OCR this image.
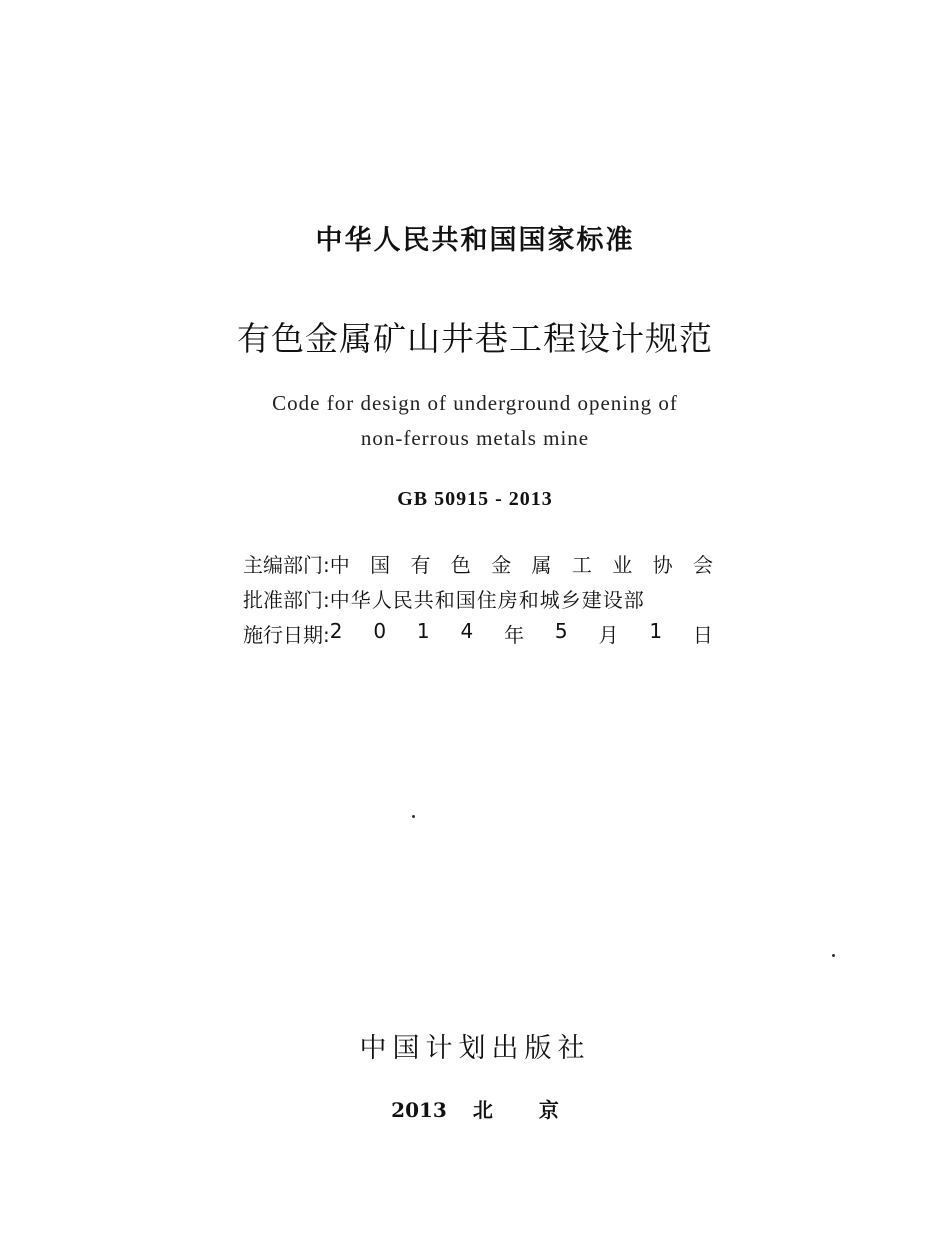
中华人民共和国国家标准
有色金属矿山井巷工程设计规范
Code for design of underground opening of
non-ferrous metals mine
GB 50915 - 2013
主编部门: 中 国 有 色 金 属 工 业 协 会
批准部门: 中华人民共和国住房和城乡建设部
施行日期: 2 0 1 4 年 5 月 1 日
中国计划出版社
2013 北 京
